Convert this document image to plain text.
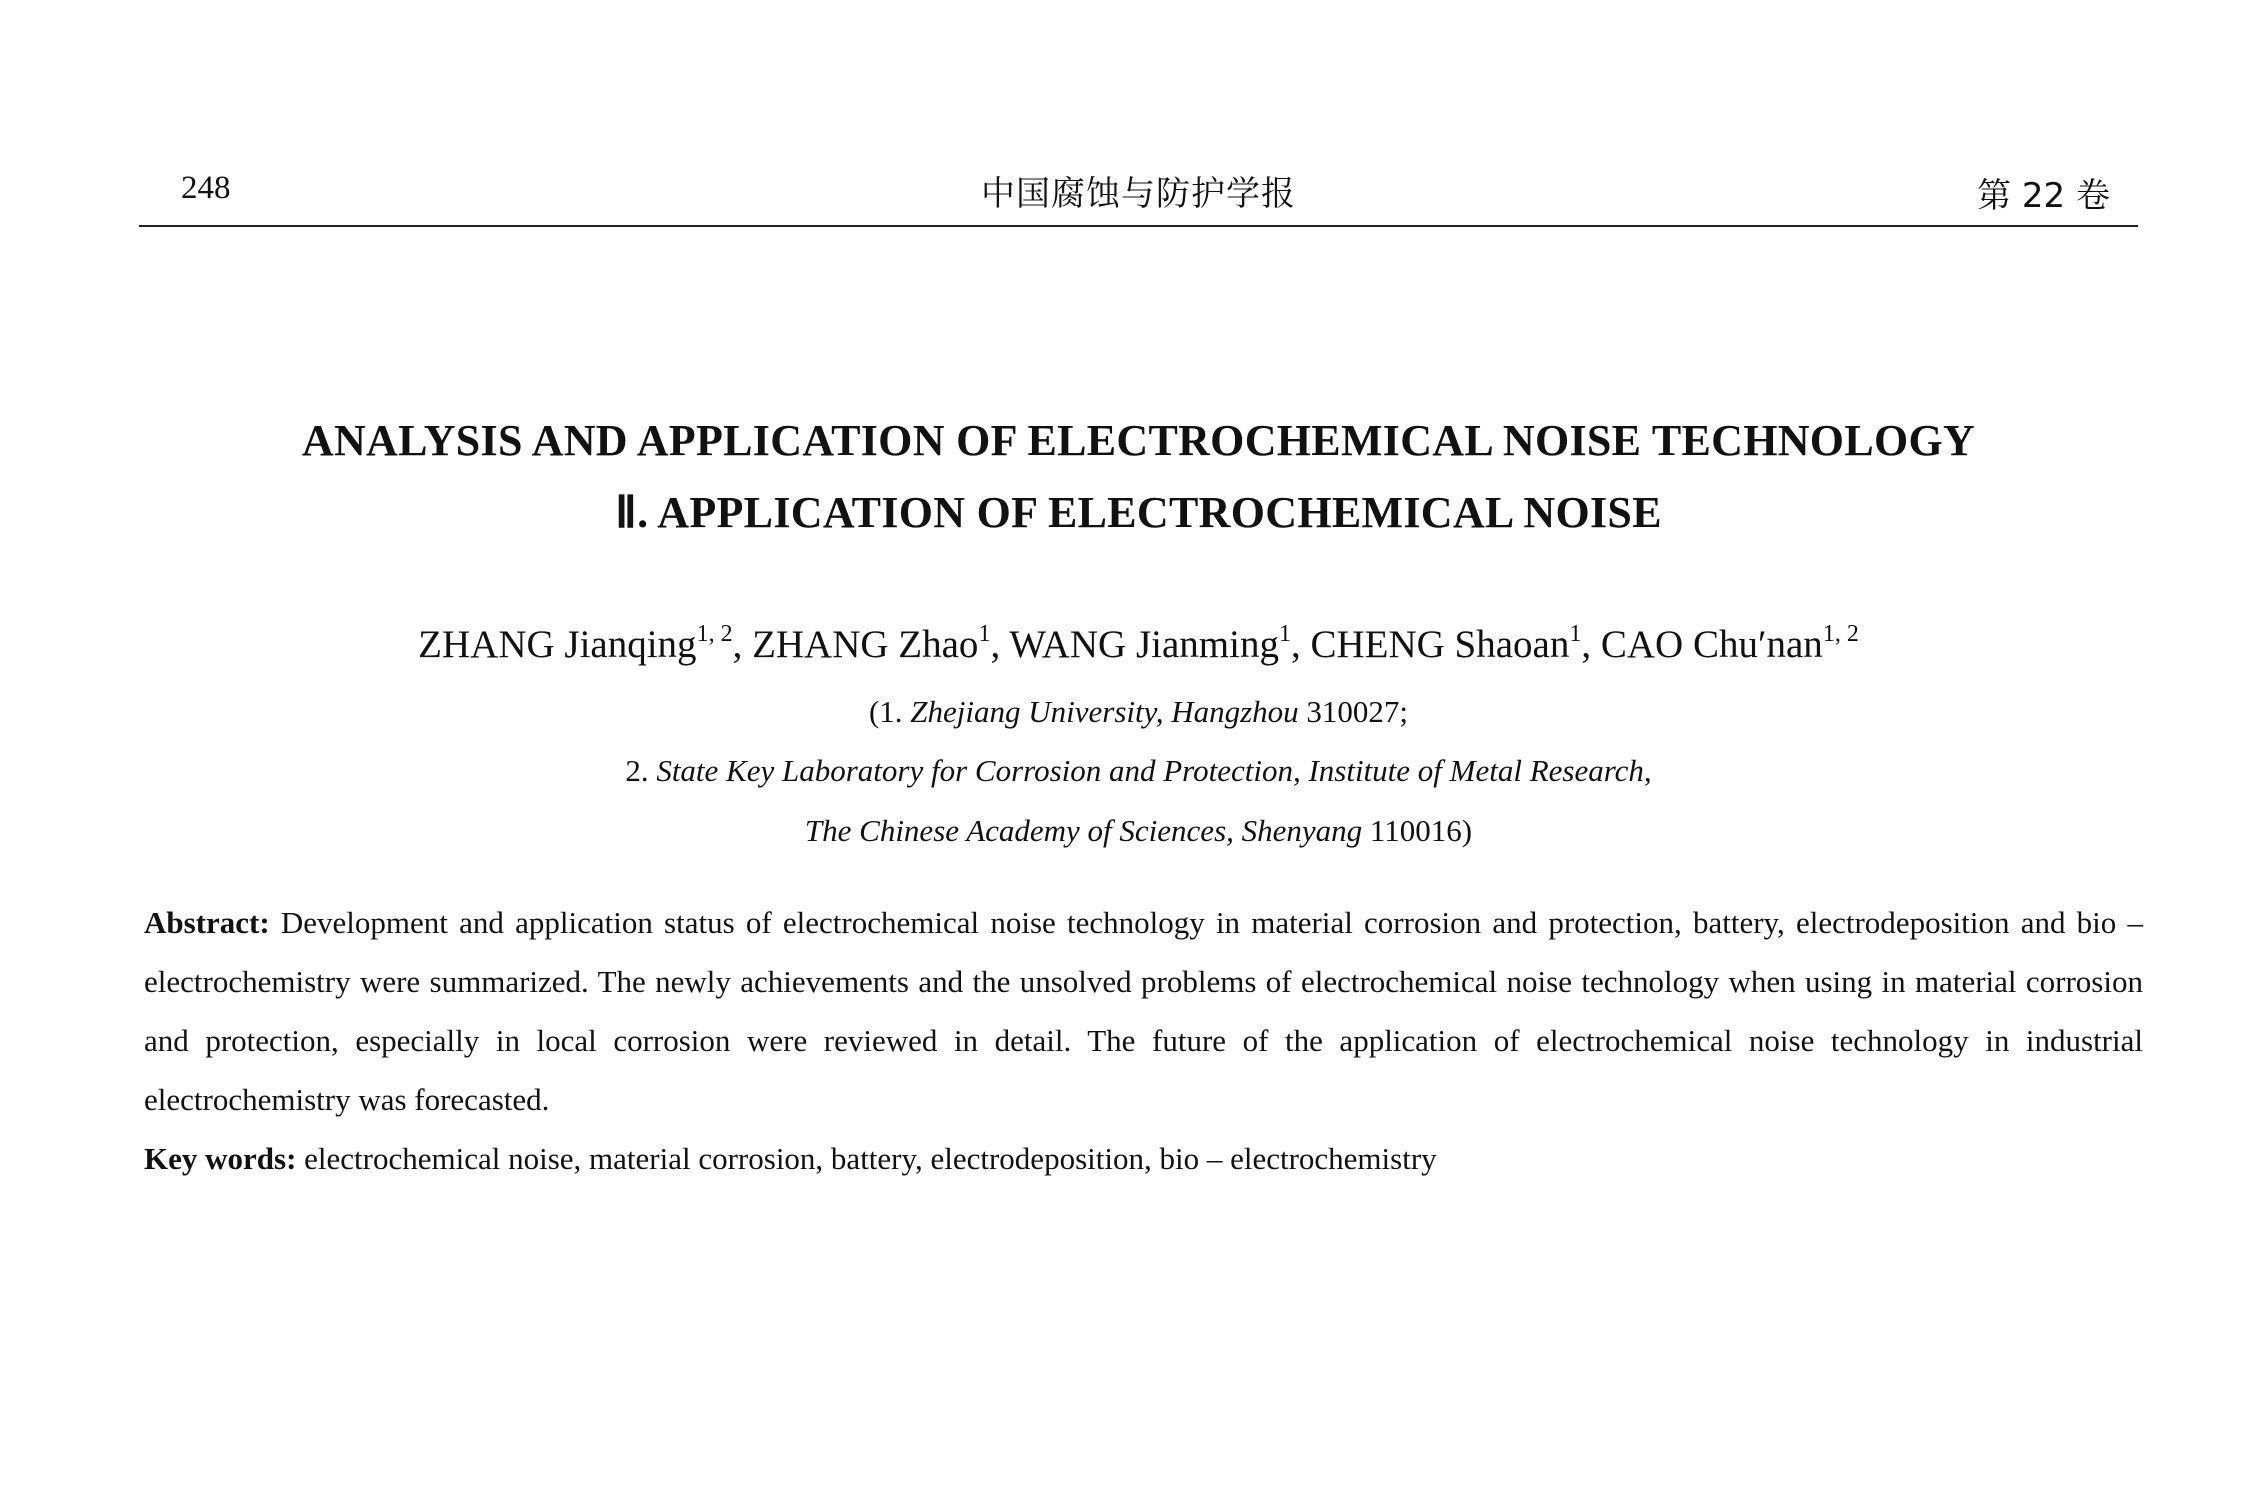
248	中国腐蚀与防护学报	第 22 卷
ANALYSIS AND APPLICATION OF ELECTROCHEMICAL NOISE TECHNOLOGY
Ⅱ. APPLICATION OF ELECTROCHEMICAL NOISE
ZHANG Jianqing$^{1, 2}$, ZHANG Zhao$^1$, WANG Jianming$^1$, CHENG Shaoan$^1$, CAO Chu′nan$^{1, 2}$
(1. Zhejiang University, Hangzhou 310027;
2. State Key Laboratory for Corrosion and Protection, Institute of Metal Research,
The Chinese Academy of Sciences, Shenyang 110016)
Abstract: Development and application status of electrochemical noise technology in material corrosion and protection, battery, electrodeposition and bio – electrochemistry were summarized. The newly achievements and the unsolved problems of electrochemical noise technology when using in material corrosion and protection, especially in local corrosion were reviewed in detail. The future of the application of electrochemical noise technology in industrial electrochemistry was forecasted.
Key words: electrochemical noise, material corrosion, battery, electrodeposition, bio – electrochemistry
